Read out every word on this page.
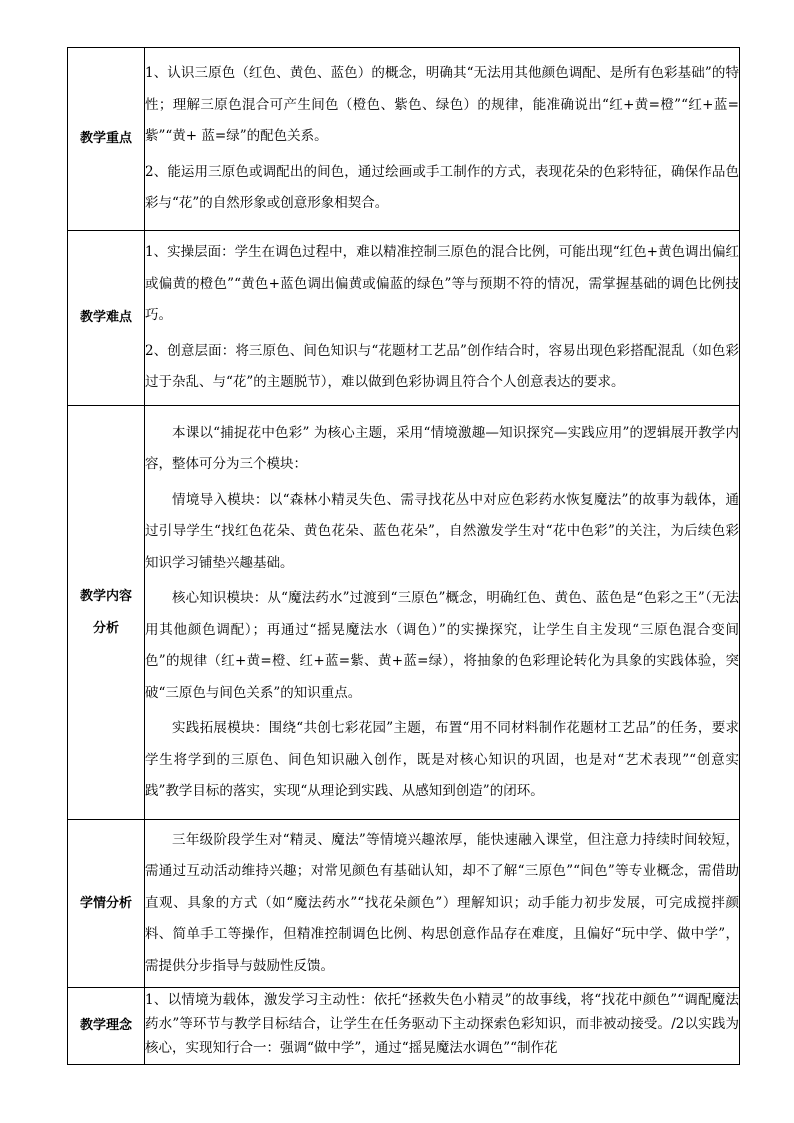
教学重点	1、认识三原色（红色、黄色、蓝色）的概念，明确其“无法用其他颜色调配、是所有色彩基础”的特性；理解三原色混合可产生间色（橙色、紫色、绿色）的规律，能准确说出“红+黄=橙”“红+蓝=紫”“黄+ 蓝=绿”的配色关系。

2、能运用三原色或调配出的间色，通过绘画或手工制作的方式，表现花朵的色彩特征，确保作品色彩与“花”的自然形象或创意形象相契合。

教学难点	1、实操层面：学生在调色过程中，难以精准控制三原色的混合比例，可能出现“红色+黄色调出偏红或偏黄的橙色”“黄色+蓝色调出偏黄或偏蓝的绿色”等与预期不符的情况，需掌握基础的调色比例技巧。

2、创意层面：将三原色、间色知识与“花题材工艺品”创作结合时，容易出现色彩搭配混乱（如色彩过于杂乱、与“花”的主题脱节），难以做到色彩协调且符合个人创意表达的要求。

教学内容分析	本课以“捕捉花中色彩” 为核心主题，采用“情境激趣—知识探究—实践应用”的逻辑展开教学内容，整体可分为三个模块：

情境导入模块：以“森林小精灵失色、需寻找花丛中对应色彩药水恢复魔法”的故事为载体，通过引导学生“找红色花朵、黄色花朵、蓝色花朵”，自然激发学生对“花中色彩”的关注，为后续色彩知识学习铺垫兴趣基础。

核心知识模块：从“魔法药水”过渡到“三原色”概念，明确红色、黄色、蓝色是“色彩之王”（无法用其他颜色调配）；再通过“摇晃魔法水（调色）”的实操探究，让学生自主发现“三原色混合变间色”的规律（红+黄=橙、红+蓝=紫、黄+蓝=绿），将抽象的色彩理论转化为具象的实践体验，突破“三原色与间色关系”的知识重点。

实践拓展模块：围绕“共创七彩花园”主题，布置“用不同材料制作花题材工艺品”的任务，要求学生将学到的三原色、间色知识融入创作，既是对核心知识的巩固，也是对“艺术表现”“创意实践”教学目标的落实，实现“从理论到实践、从感知到创造”的闭环。

学情分析	三年级阶段学生对“精灵、魔法”等情境兴趣浓厚，能快速融入课堂，但注意力持续时间较短，需通过互动活动维持兴趣；对常见颜色有基础认知，却不了解“三原色”“间色”等专业概念，需借助直观、具象的方式（如“魔法药水”“找花朵颜色”）理解知识；动手能力初步发展，可完成搅拌颜料、简单手工等操作，但精准控制调色比例、构思创意作品存在难度，且偏好“玩中学、做中学”，需提供分步指导与鼓励性反馈。

教学理念	1、以情境为载体，激发学习主动性：依托“拯救失色小精灵”的故事线，将“找花中颜色”“调配魔法药水”等环节与教学目标结合，让学生在任务驱动下主动探索色彩知识，而非被动接受。/2以实践为核心，实现知行合一：强调“做中学”，通过“摇晃魔法水调色”“制作花
